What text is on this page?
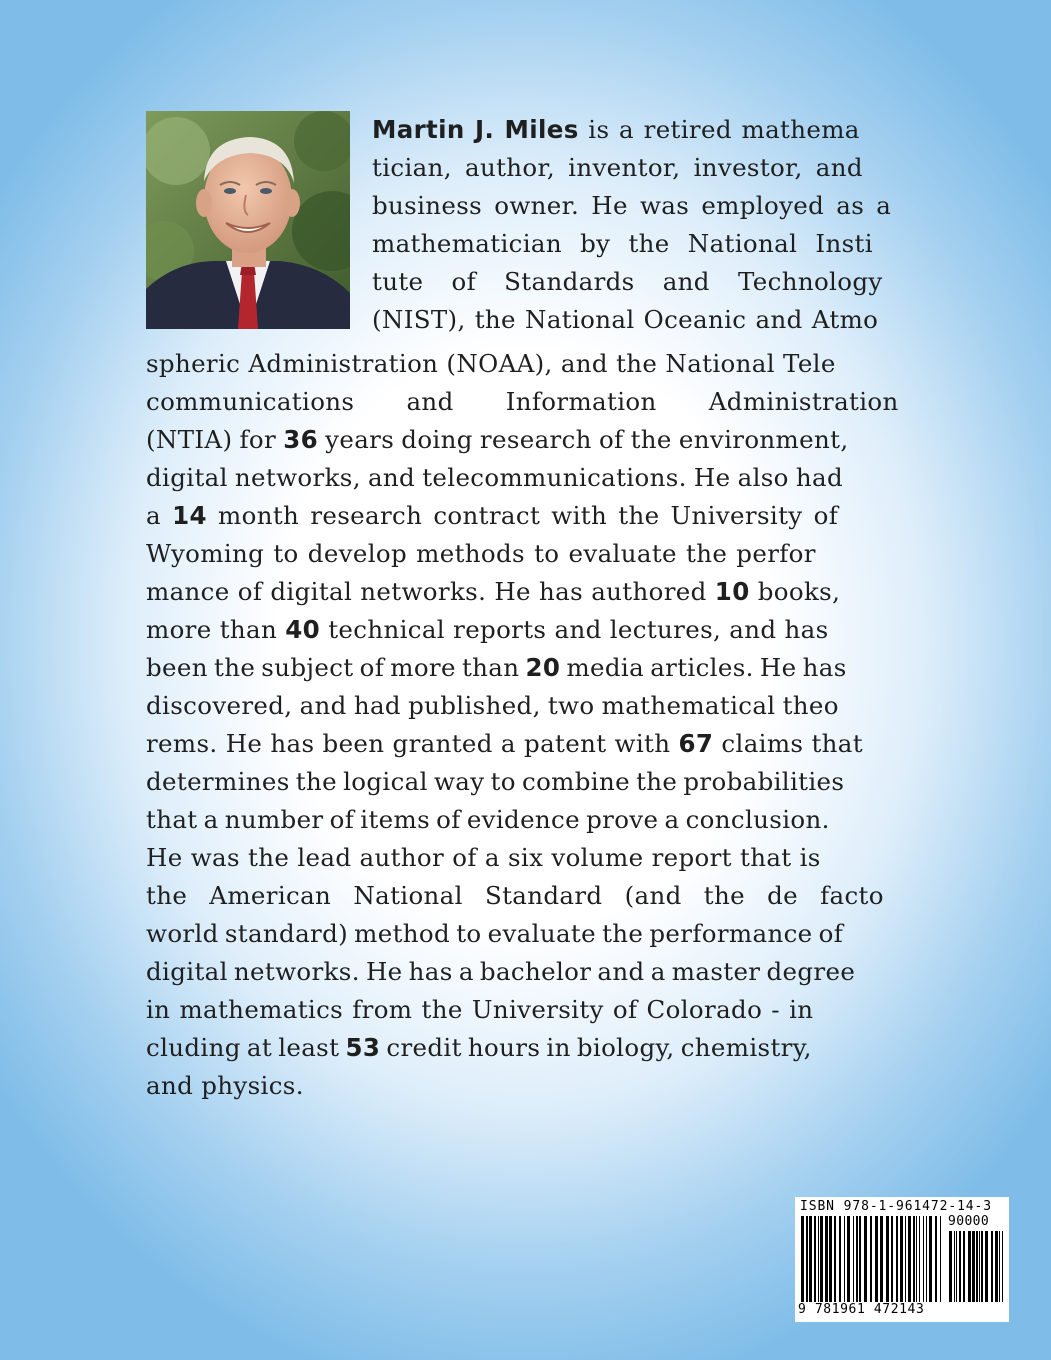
Martin J. Miles is a retired mathema
tician, author, inventor, investor, and
business owner. He was employed as a
mathematician by the National Insti
tute of Standards and Technology
(NIST), the National Oceanic and Atmo
spheric Administration (NOAA), and the National Tele
communications and Information Administration
(NTIA) for 36 years doing research of the environment,
digital networks, and telecommunications. He also had
a 14 month research contract with the University of
Wyoming to develop methods to evaluate the perfor
mance of digital networks. He has authored 10 books,
more than 40 technical reports and lectures, and has
been the subject of more than 20 media articles. He has
discovered, and had published, two mathematical theo
rems. He has been granted a patent with 67 claims that
determines the logical way to combine the probabilities
that a number of items of evidence prove a conclusion.
He was the lead author of a six volume report that is
the American National Standard (and the de facto
world standard) method to evaluate the performance of
digital networks. He has a bachelor and a master degree
in mathematics from the University of Colorado - in
cluding at least 53 credit hours in biology, chemistry,
and physics.
ISBN 978-1-961472-14-3
90000
9 781961 472143
